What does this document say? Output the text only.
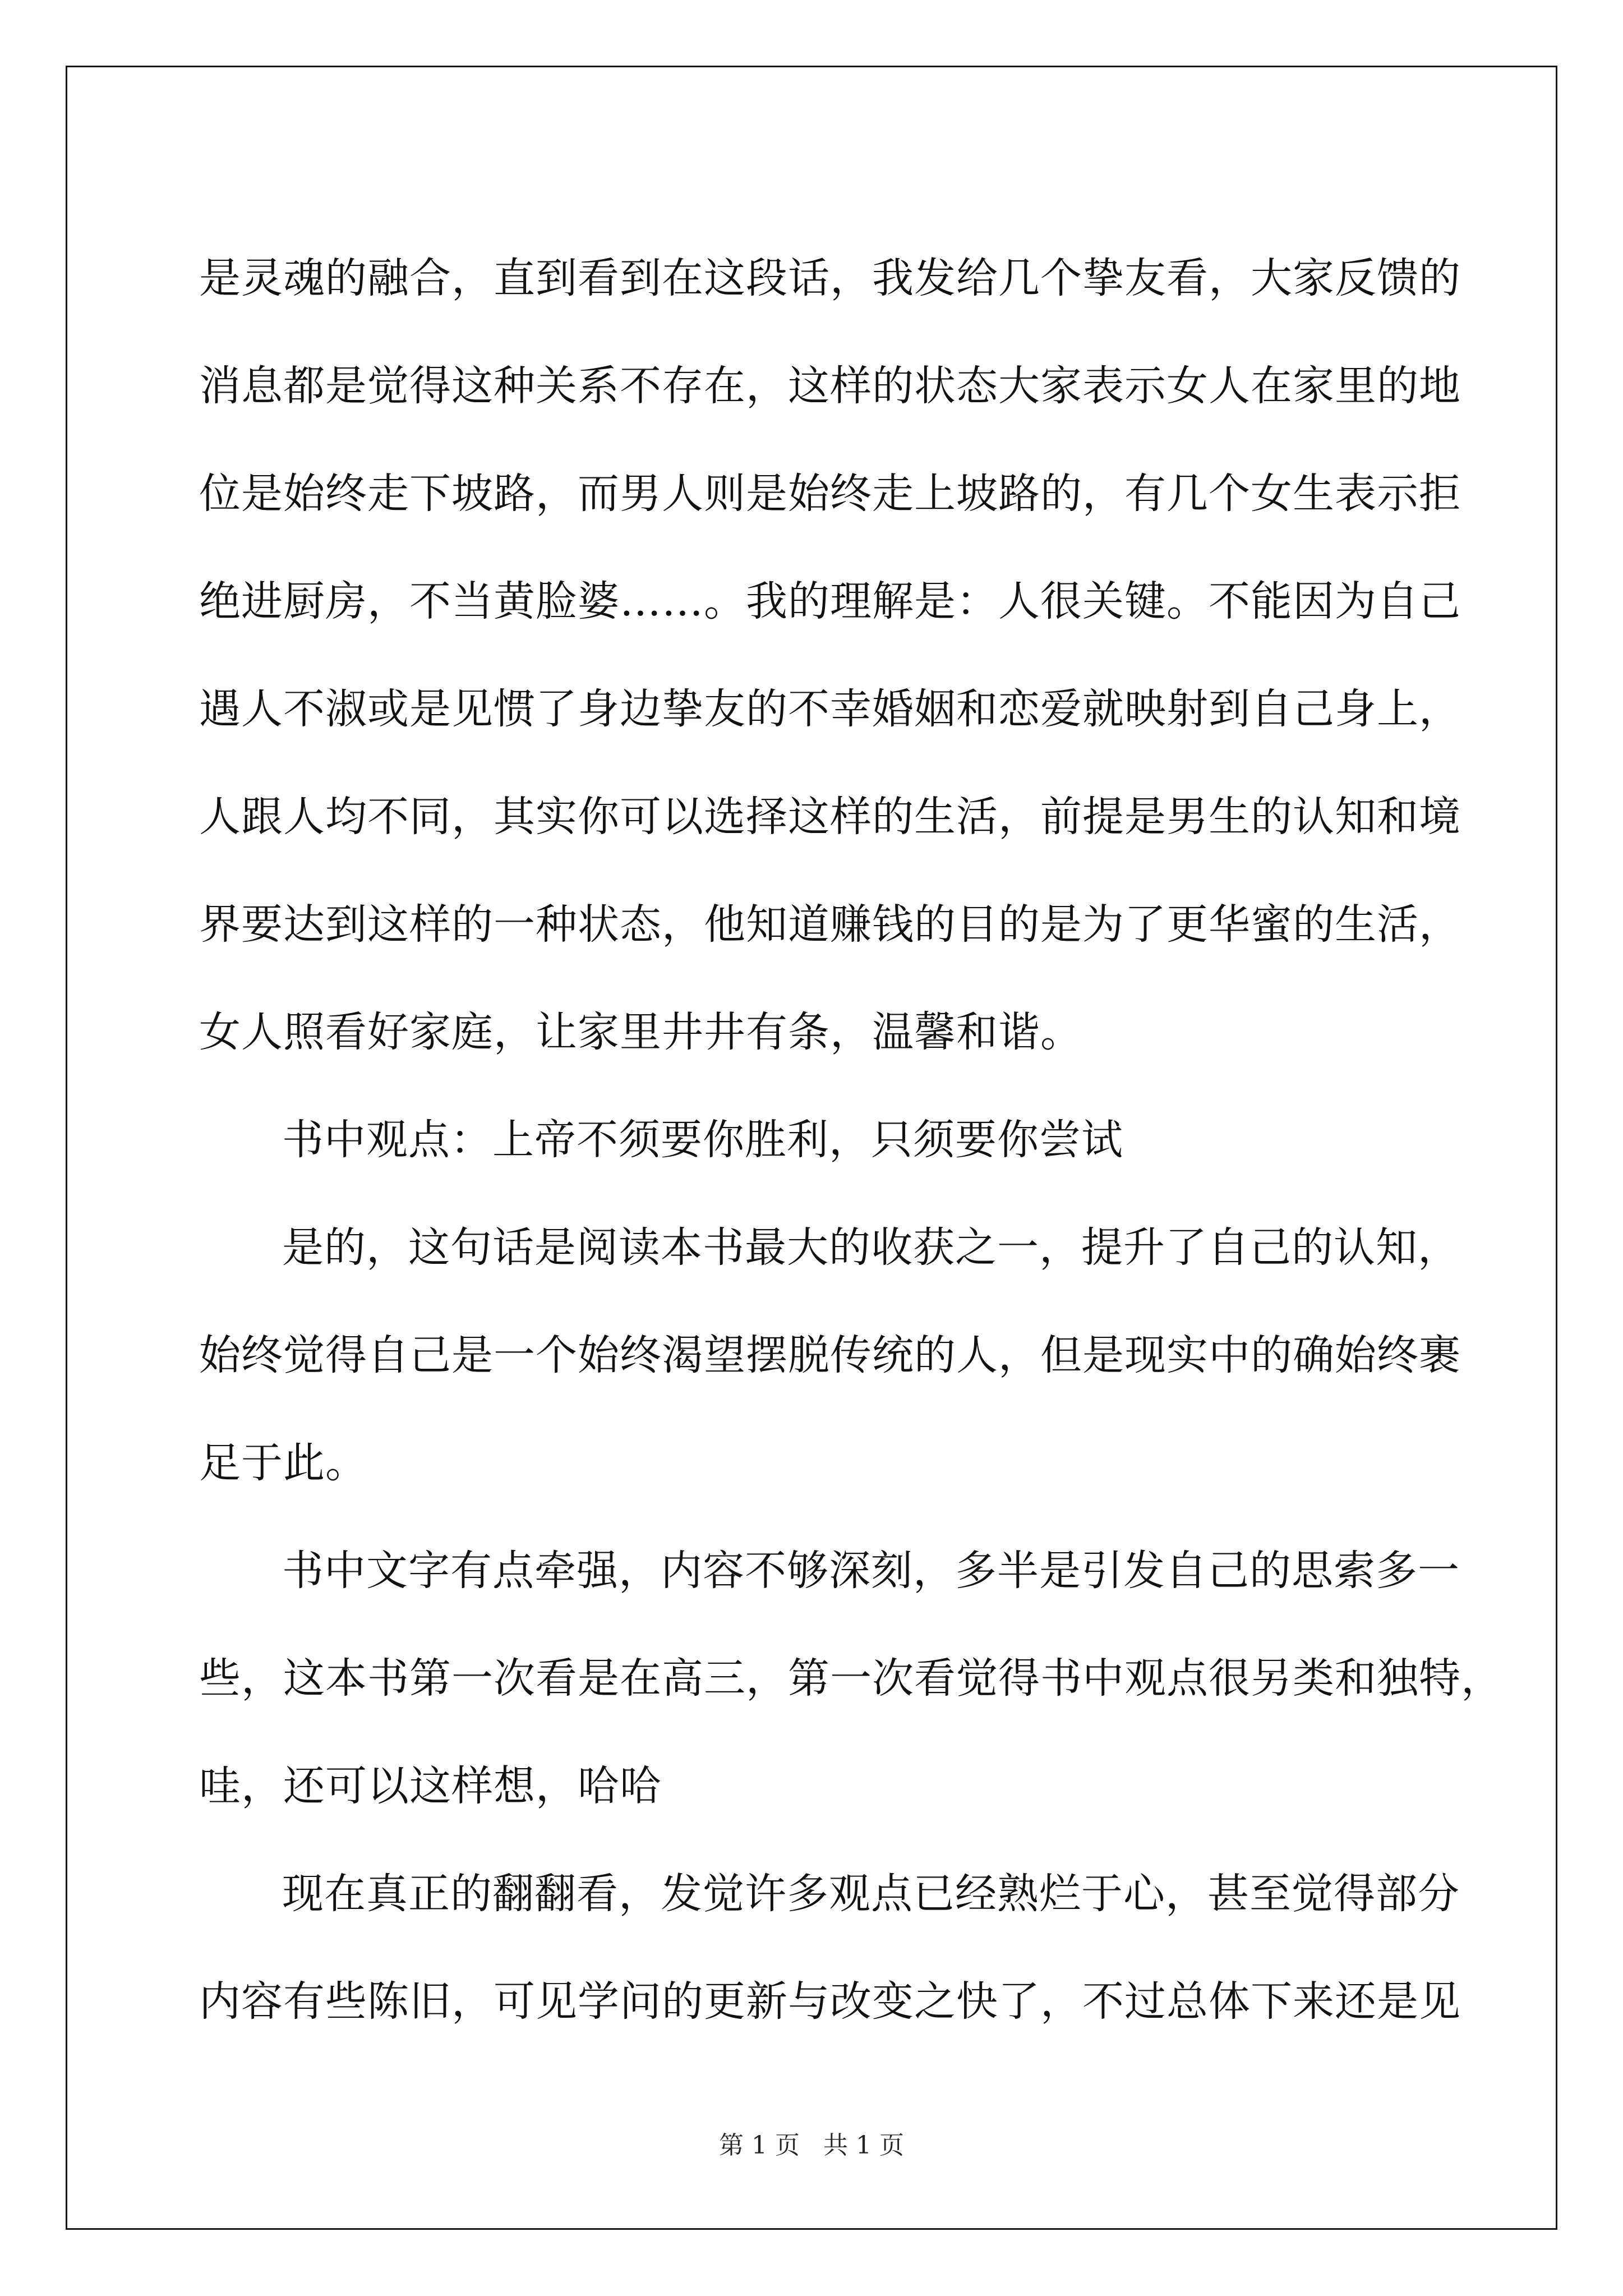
是灵魂的融合，直到看到在这段话，我发给几个挚友看，大家反馈的
消息都是觉得这种关系不存在，这样的状态大家表示女人在家里的地
位是始终走下坡路，而男人则是始终走上坡路的，有几个女生表示拒
绝进厨房，不当黄脸婆……。我的理解是：人很关键。不能因为自己
遇人不淑或是见惯了身边挚友的不幸婚姻和恋爱就映射到自己身上，
人跟人均不同，其实你可以选择这样的生活，前提是男生的认知和境
界要达到这样的一种状态，他知道赚钱的目的是为了更华蜜的生活，
女人照看好家庭，让家里井井有条，温馨和谐。
书中观点：上帝不须要你胜利，只须要你尝试
是的，这句话是阅读本书最大的收获之一，提升了自己的认知，
始终觉得自己是一个始终渴望摆脱传统的人，但是现实中的确始终裹
足于此。
书中文字有点牵强，内容不够深刻，多半是引发自己的思索多一
些，这本书第一次看是在高三，第一次看觉得书中观点很另类和独特，
哇，还可以这样想，哈哈
现在真正的翻翻看，发觉许多观点已经熟烂于心，甚至觉得部分
内容有些陈旧，可见学问的更新与改变之快了，不过总体下来还是见
第 1 页   共 1 页
